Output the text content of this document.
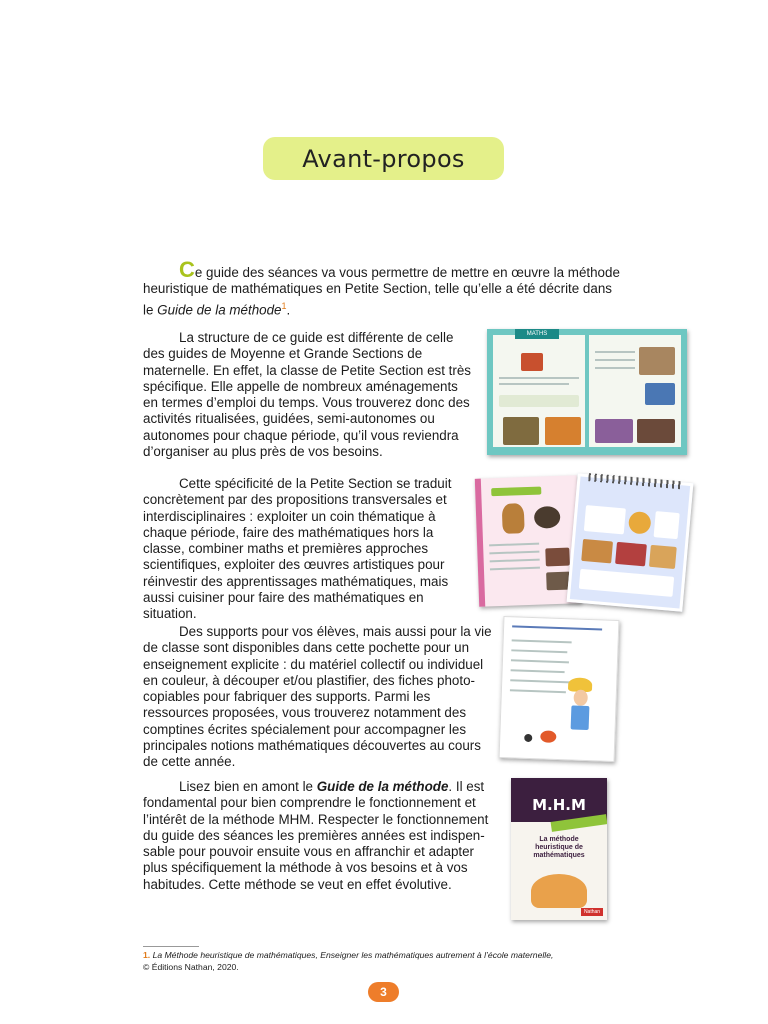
Avant-propos

Ce guide des séances va vous permettre de mettre en œuvre la méthode heuristique de mathématiques en Petite Section, telle qu’elle a été décrite dans le Guide de la méthode$^1$.

La structure de ce guide est différente de celle des guides de Moyenne et Grande Sections de maternelle. En effet, la classe de Petite Section est très spécifique. Elle appelle de nombreux aménagements en termes d’emploi du temps. Vous trouverez donc des activités ritualisées, guidées, semi-autonomes ou autonomes pour chaque période, qu’il vous reviendra d’organiser au plus près de vos besoins.

Cette spécificité de la Petite Section se traduit concrètement par des propositions transversales et interdisciplinaires : exploiter un coin thématique à chaque période, faire des mathématiques hors la classe, combiner maths et premières approches scientifiques, exploiter des œuvres artistiques pour réinvestir des apprentissages mathématiques, mais aussi cuisiner pour faire des mathématiques en situation.

Des supports pour vos élèves, mais aussi pour la vie de classe sont disponibles dans cette pochette pour un enseignement explicite : du matériel collectif ou individuel en couleur, à découper et/ou plastifier, des fiches photo-copiables pour fabriquer des supports. Parmi les ressources proposées, vous trouverez notamment des comptines écrites spécialement pour accompagner les principales notions mathématiques découvertes au cours de cette année.

Lisez bien en amont le Guide de la méthode. Il est fondamental pour bien comprendre le fonctionnement et l’intérêt de la méthode MHM. Respecter le fonctionnement du guide des séances les premières années est indispen-sable pour pouvoir ensuite vous en affranchir et adapter plus spécifiquement la méthode à vos besoins et à vos habitudes. Cette méthode se veut en effet évolutive.

MATHS
M.H.M
La méthode heuristique de mathématiques
Nathan
1. La Méthode heuristique de mathématiques, Enseigner les mathématiques autrement à l’école maternelle,
© Éditions Nathan, 2020.
3
